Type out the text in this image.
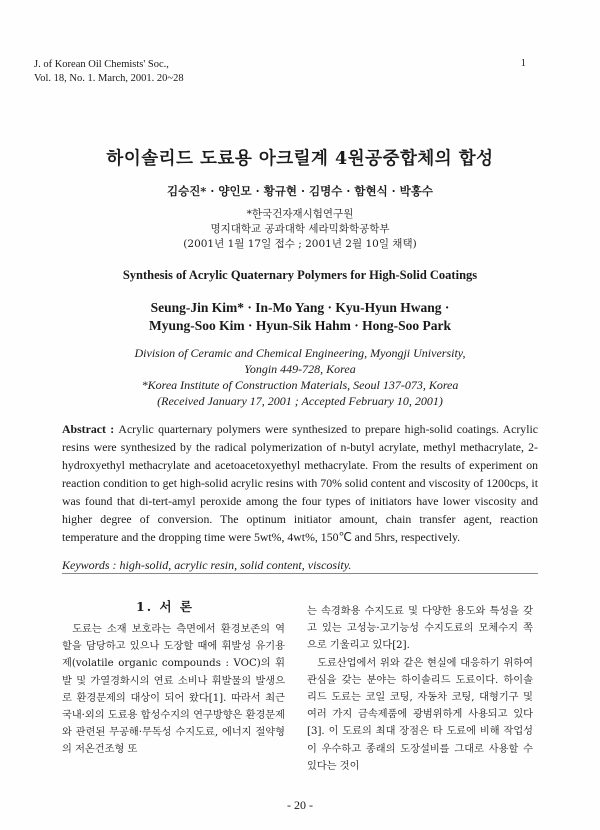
J. of Korean Oil Chemists' Soc.,
Vol. 18, No. 1. March, 2001. 20~28
1
하이솔리드 도료용 아크릴계 4원공중합체의 합성
김승진* · 양인모 · 황규현 · 김명수 · 함현식 · 박홍수
*한국건자재시험연구원
명지대학교 공과대학 세라믹화학공학부
(2001년 1월 17일 접수 ; 2001년 2월 10일 채택)
Synthesis of Acrylic Quaternary Polymers for High-Solid Coatings
Seung-Jin Kim* · In-Mo Yang · Kyu-Hyun Hwang ·
Myung-Soo Kim · Hyun-Sik Hahm · Hong-Soo Park
Division of Ceramic and Chemical Engineering, Myongji University,
Yongin 449-728, Korea
*Korea Institute of Construction Materials, Seoul 137-073, Korea
(Received January 17, 2001 ; Accepted February 10, 2001)
Abstract : Acrylic quarternary polymers were synthesized to prepare high-solid coatings. Acrylic resins were synthesized by the radical polymerization of n-butyl acrylate, methyl methacrylate, 2-hydroxyethyl methacrylate and acetoacetoxyethyl methacrylate. From the results of experiment on reaction condition to get high-solid acrylic resins with 70% solid content and viscosity of 1200cps, it was found that di-tert-amyl peroxide among the four types of initiators have lower viscosity and higher degree of conversion. The optinum initiator amount, chain transfer agent, reaction temperature and the dropping time were 5wt%, 4wt%, 150℃ and 5hrs, respectively.
Keywords : high-solid, acrylic resin, solid content, viscosity.
1. 서 론

도료는 소재 보호라는 측면에서 환경보존의 역할을 담당하고 있으나 도장할 때에 휘발성 유기용제(volatile organic compounds : VOC)의 휘발 및 가열경화시의 연료 소비나 휘발물의 발생으로 환경문제의 대상이 되어 왔다[1]. 따라서 최근 국내·외의 도료용 합성수지의 연구방향은 환경문제와 관련된 무공해·무독성 수지도료, 에너지 절약형의 저온건조형 또

는 속경화용 수지도료 및 다양한 용도와 특성을 갖고 있는 고성능·고기능성 수지도료의 모체수지 쪽으로 기울리고 있다[2].

도료산업에서 위와 같은 현실에 대응하기 위하여 관심을 갖는 분야는 하이솔리드 도료이다. 하이솔리드 도료는 코일 코팅, 자동차 코팅, 대형기구 및 여러 가지 금속제품에 광범위하게 사용되고 있다[3]. 이 도료의 최대 장점은 타 도료에 비해 작업성이 우수하고 종래의 도장설비를 그대로 사용할 수 있다는 것이

- 20 -
